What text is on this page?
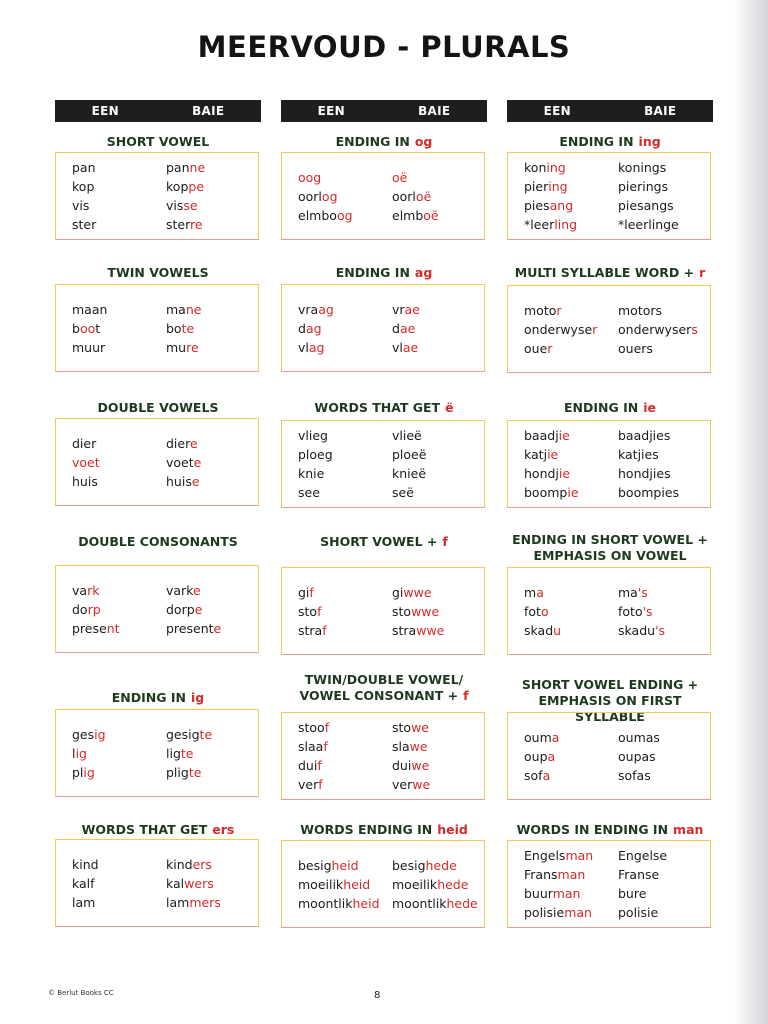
MEERVOUD - PLURALS
EEN	BAIE
SHORT VOWEL
pan	panne
kop	koppe
vis	visse
ster	sterre
TWIN VOWELS
maan	mane
boot	bote
muur	mure
DOUBLE VOWELS
dier	diere
voet	voete
huis	huise
DOUBLE CONSONANTS
vark	varke
dorp	dorpe
present	presente
ENDING IN ig
gesig	gesigte
lig	ligte
plig	pligte
WORDS THAT GET ers
kind	kinders
kalf	kalwers
lam	lammers
EEN	BAIE
ENDING IN og
oog	oë
oorlog	oorloë
elmboog	elmboë
ENDING IN ag
vraag	vrae
dag	dae
vlag	vlae
WORDS THAT GET ë
vlieg	vlieë
ploeg	ploeë
knie	knieë
see	seë
SHORT VOWEL + f
gif	giwwe
stof	stowwe
straf	strawwe
TWIN/DOUBLE VOWEL/
VOWEL CONSONANT + f
stoof	stowe
slaaf	slawe
duif	duiwe
verf	verwe
WORDS ENDING IN heid
besigheid	besighede
moeilikheid	moeilikhede
moontlikheid moontlikhede
EEN	BAIE
ENDING IN ing
koning	konings
piering	pierings
piesang	piesangs
*leerling	*leerlinge
MULTI SYLLABLE WORD + r
motor	motors
onderwyser	onderwysers
ouer	ouers
ENDING IN ie
baadjie	baadjies
katjie	katjies
hondjie	hondjies
boompie	boompies
ENDING IN SHORT VOWEL +
EMPHASIS ON VOWEL
ma	ma's
foto	foto's
skadu	skadu's
SHORT VOWEL ENDING +
EMPHASIS ON FIRST SYLLABLE
ouma	oumas
oupa	oupas
sofa	sofas
WORDS IN ENDING IN man
Engelsman	Engelse
Fransman	Franse
buurman	bure
polisieman	polisie
© Berlut Books CC	8
